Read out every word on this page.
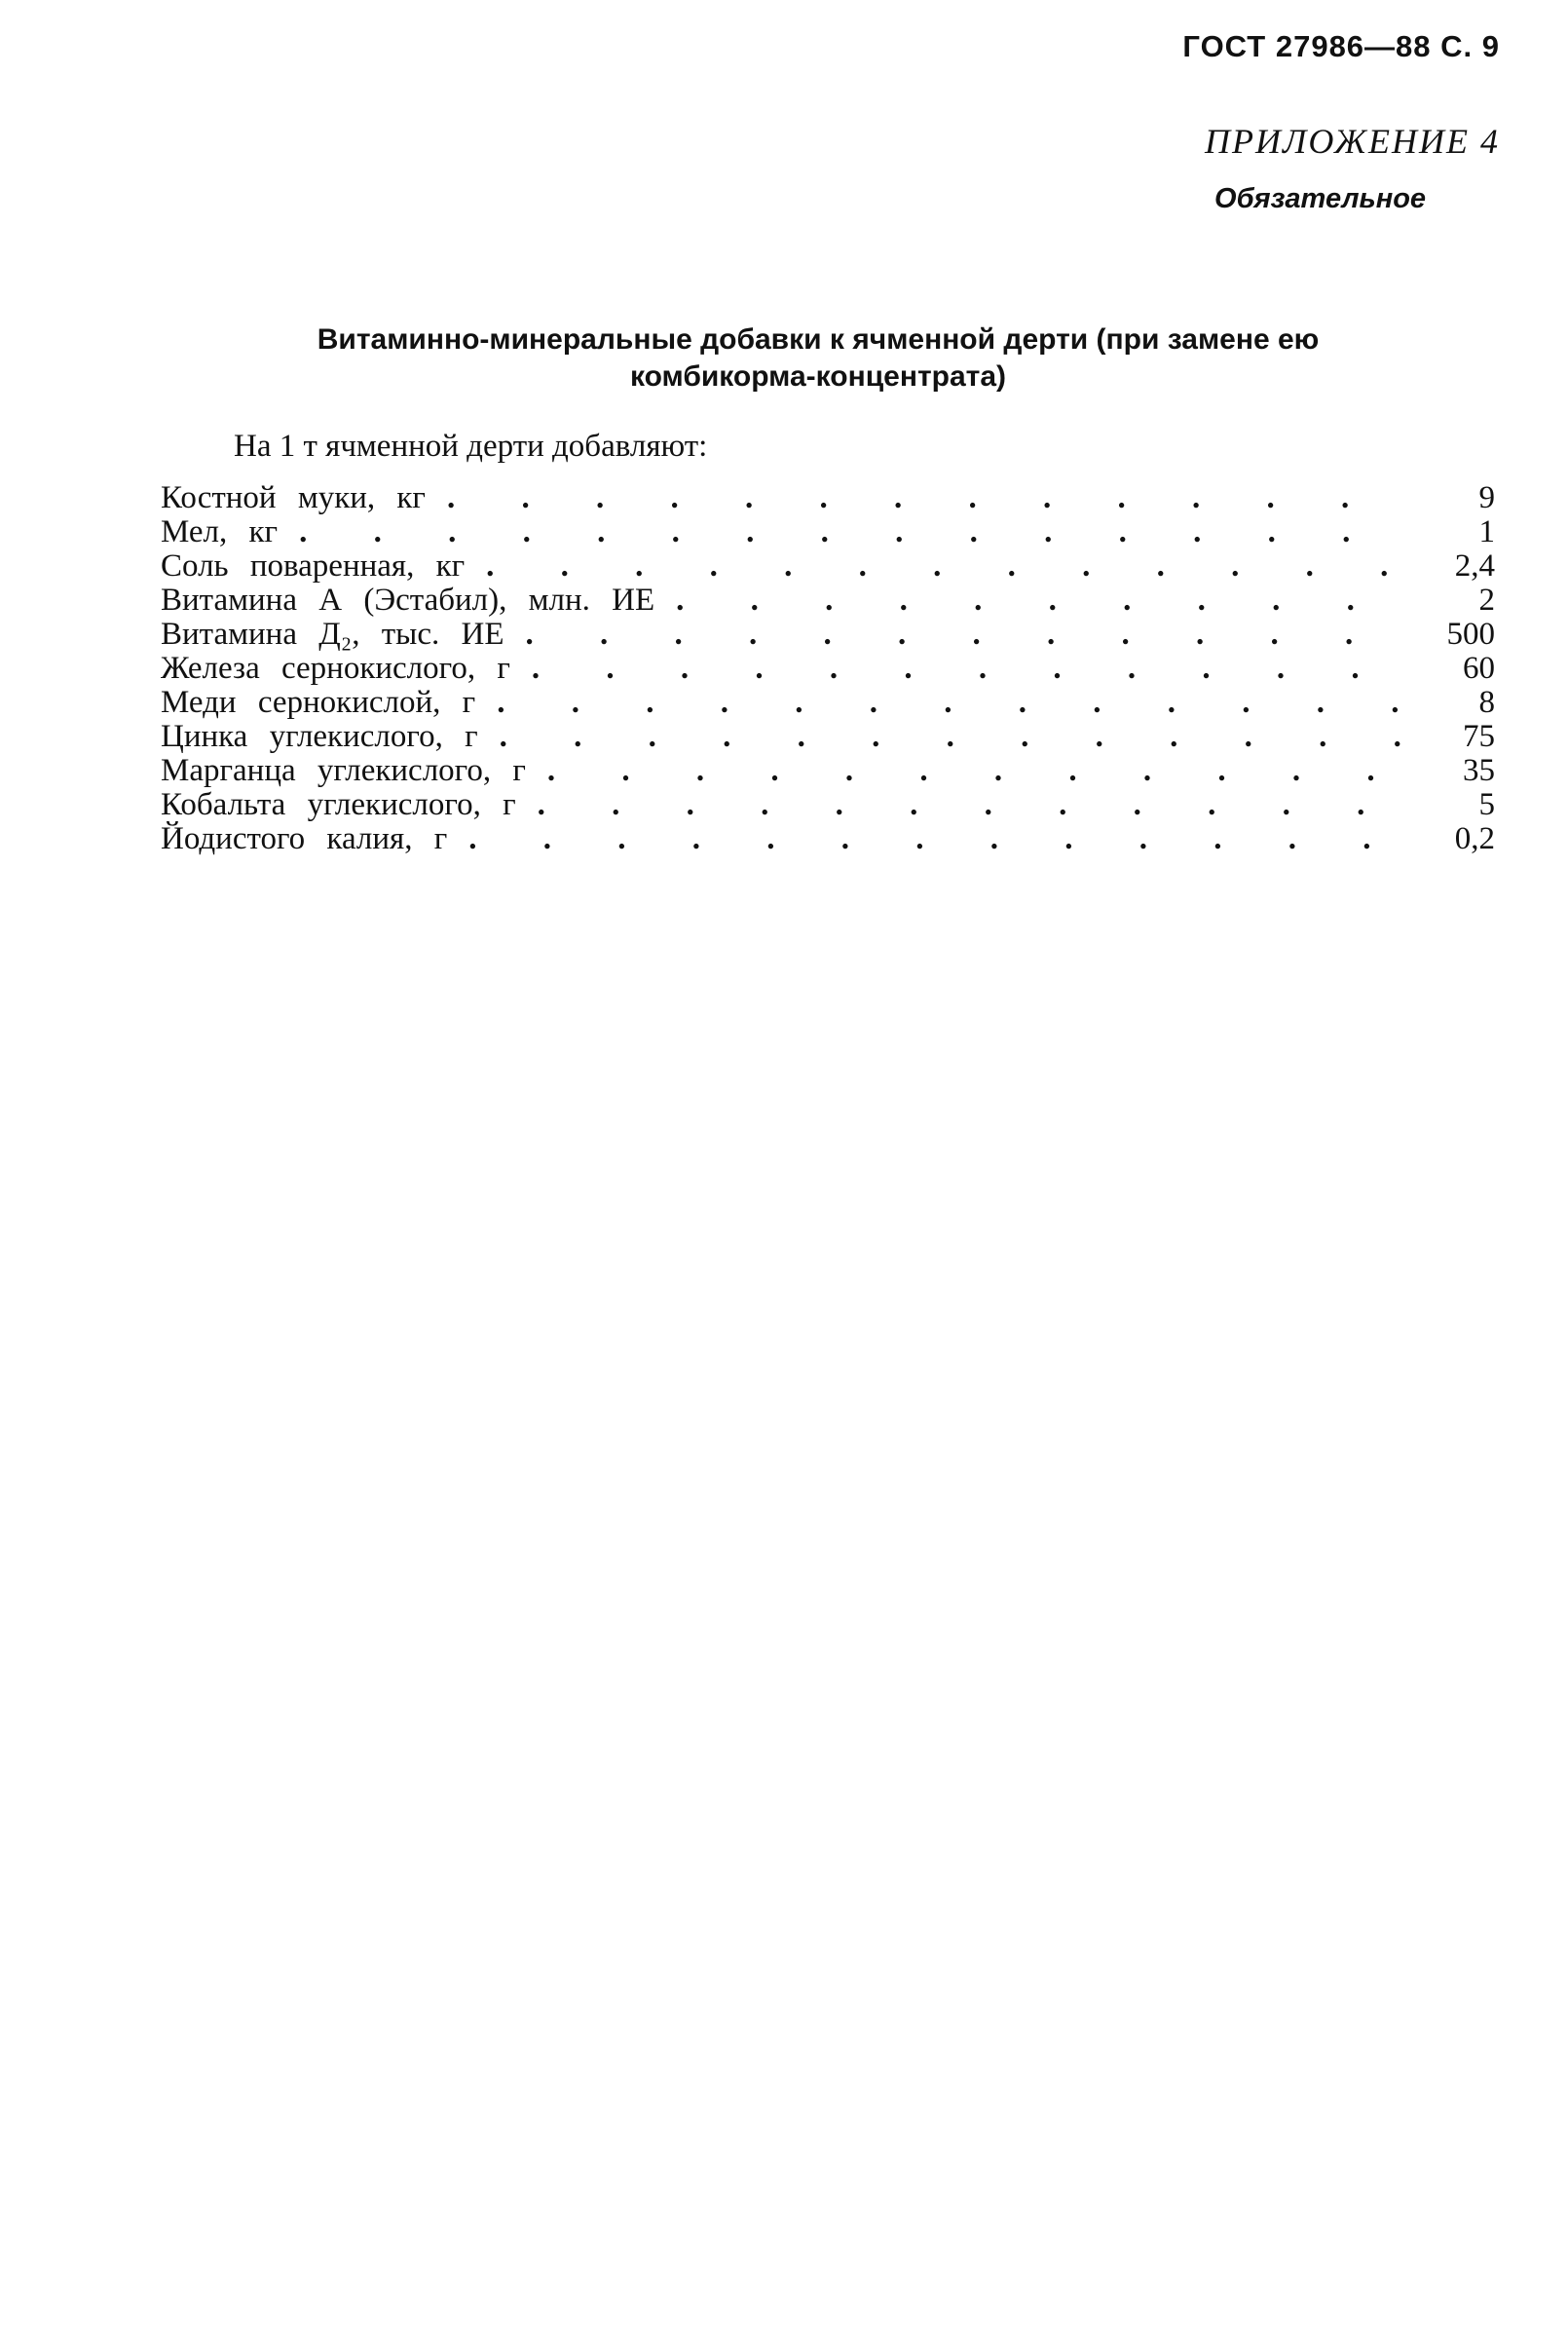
ГОСТ 27986—88 С. 9
ПРИЛОЖЕНИЕ 4
Обязательное
Витаминно-минеральные добавки к ячменной дерти (при замене ею
комбикорма-концентрата)
На 1 т ячменной дерти добавляют:
Костной муки, кг . . .	9
Мел, кг . . .	1
Соль поваренная, кг . . .	2,4
Витамина А (Эстабил), млн. ИЕ . . .	2
Витамина Д₂, тыс. ИЕ . . .	500
Железа сернокислого, г . . .	60
Меди сернокислой, г . . .	8
Цинка углекислого, г . . .	75
Марганца углекислого, г . . .	35
Кобальта углекислого, г . . .	5
Йодистого калия, г . . .	0,2
